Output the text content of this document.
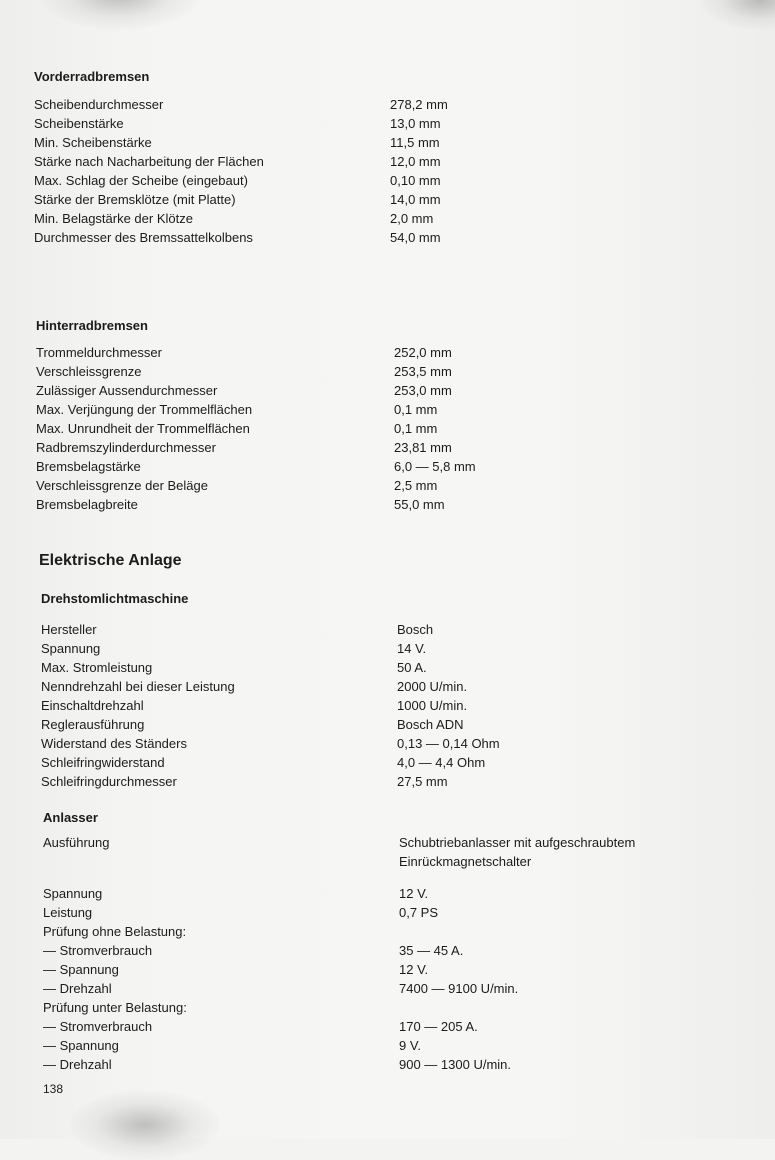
Vorderradbremsen
Scheibendurchmesser	278,2 mm
Scheibenstärke	13,0 mm
Min. Scheibenstärke	11,5 mm
Stärke nach Nacharbeitung der Flächen	12,0 mm
Max. Schlag der Scheibe (eingebaut)	0,10 mm
Stärke der Bremsklötze (mit Platte)	14,0 mm
Min. Belagstärke der Klötze	2,0 mm
Durchmesser des Bremssattelkolbens	54,0 mm
Hinterradbremsen
Trommeldurchmesser	252,0 mm
Verschleissgrenze	253,5 mm
Zulässiger Aussendurchmesser	253,0 mm
Max. Verjüngung der Trommelflächen	0,1 mm
Max. Unrundheit der Trommelflächen	0,1 mm
Radbremszylinderdurchmesser	23,81 mm
Bremsbelagstärke	6,0 — 5,8 mm
Verschleissgrenze der Beläge	2,5 mm
Bremsbelagbreite	55,0 mm
Elektrische Anlage
Drehstomlichtmaschine
Hersteller	Bosch
Spannung	14 V.
Max. Stromleistung	50 A.
Nenndrehzahl bei dieser Leistung	2000 U/min.
Einschaltdrehzahl	1000 U/min.
Reglerausführung	Bosch ADN
Widerstand des Ständers	0,13 — 0,14 Ohm
Schleifringwiderstand	4,0 — 4,4 Ohm
Schleifringdurchmesser	27,5 mm
Anlasser
Ausführung	Schubtriebanlasser mit aufgeschraubtem
Einrückmagnetschalter
Spannung	12 V.
Leistung	0,7 PS
Prüfung ohne Belastung:
— Stromverbrauch	35 — 45 A.
— Spannung	12 V.
— Drehzahl	7400 — 9100 U/min.
Prüfung unter Belastung:
— Stromverbrauch	170 — 205 A.
— Spannung	9 V.
— Drehzahl	900 — 1300 U/min.
138
